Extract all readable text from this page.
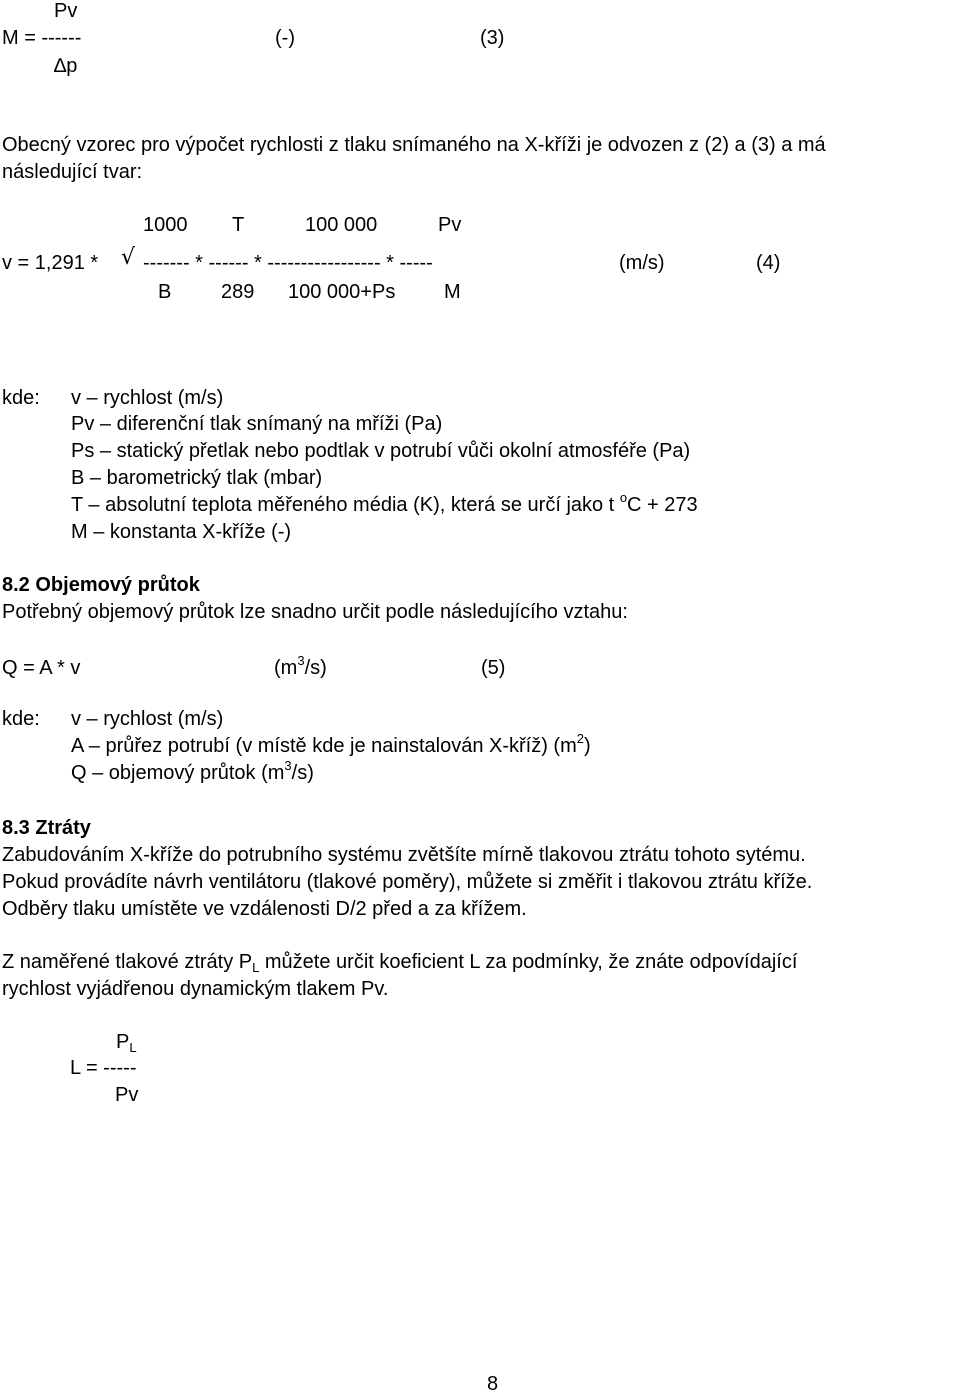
Pv
M = ------	(-)	(3)
∆p
Obecný vzorec pro výpočet rychlosti z tlaku snímaného na X-kříži je odvozen z (2) a (3) a má
následující tvar:
1000 T	100 000	Pv
v = 1,291 * √ ------- * ------ * ----------------- * -----	(m/s)	(4)
B 289 100 000+Ps M
kde: v – rychlost (m/s)
Pv – diferenční tlak snímaný na mříži (Pa)
Ps – statický přetlak nebo podtlak v potrubí vůči okolní atmosféře (Pa)
B – barometrický tlak (mbar)
T – absolutní teplota měřeného média (K), která se určí jako t $^o$C + 273
M – konstanta X-kříže (-)
8.2 Objemový průtok
Potřebný objemový průtok lze snadno určit podle následujícího vztahu:
Q = A * v	$(m^3/s)$	(5)
kde: v – rychlost (m/s)
A – průřez potrubí (v místě kde je nainstalován X-kříž) $(m^2)$
Q – objemový průtok $(m^3/s)$
8.3 Ztráty
Zabudováním X-kříže do potrubního systému zvětšíte mírně tlakovou ztrátu tohoto sytému.
Pokud provádíte návrh ventilátoru (tlakové poměry), můžete si změřit i tlakovou ztrátu kříže.
Odběry tlaku umístěte ve vzdálenosti D/2 před a za křížem.
Z naměřené tlakové ztráty $P_L$ můžete určit koeficient L za podmínky, že znáte odpovídající
rychlost vyjádřenou dynamickým tlakem Pv.
$P_L$
L = -----
Pv
8
